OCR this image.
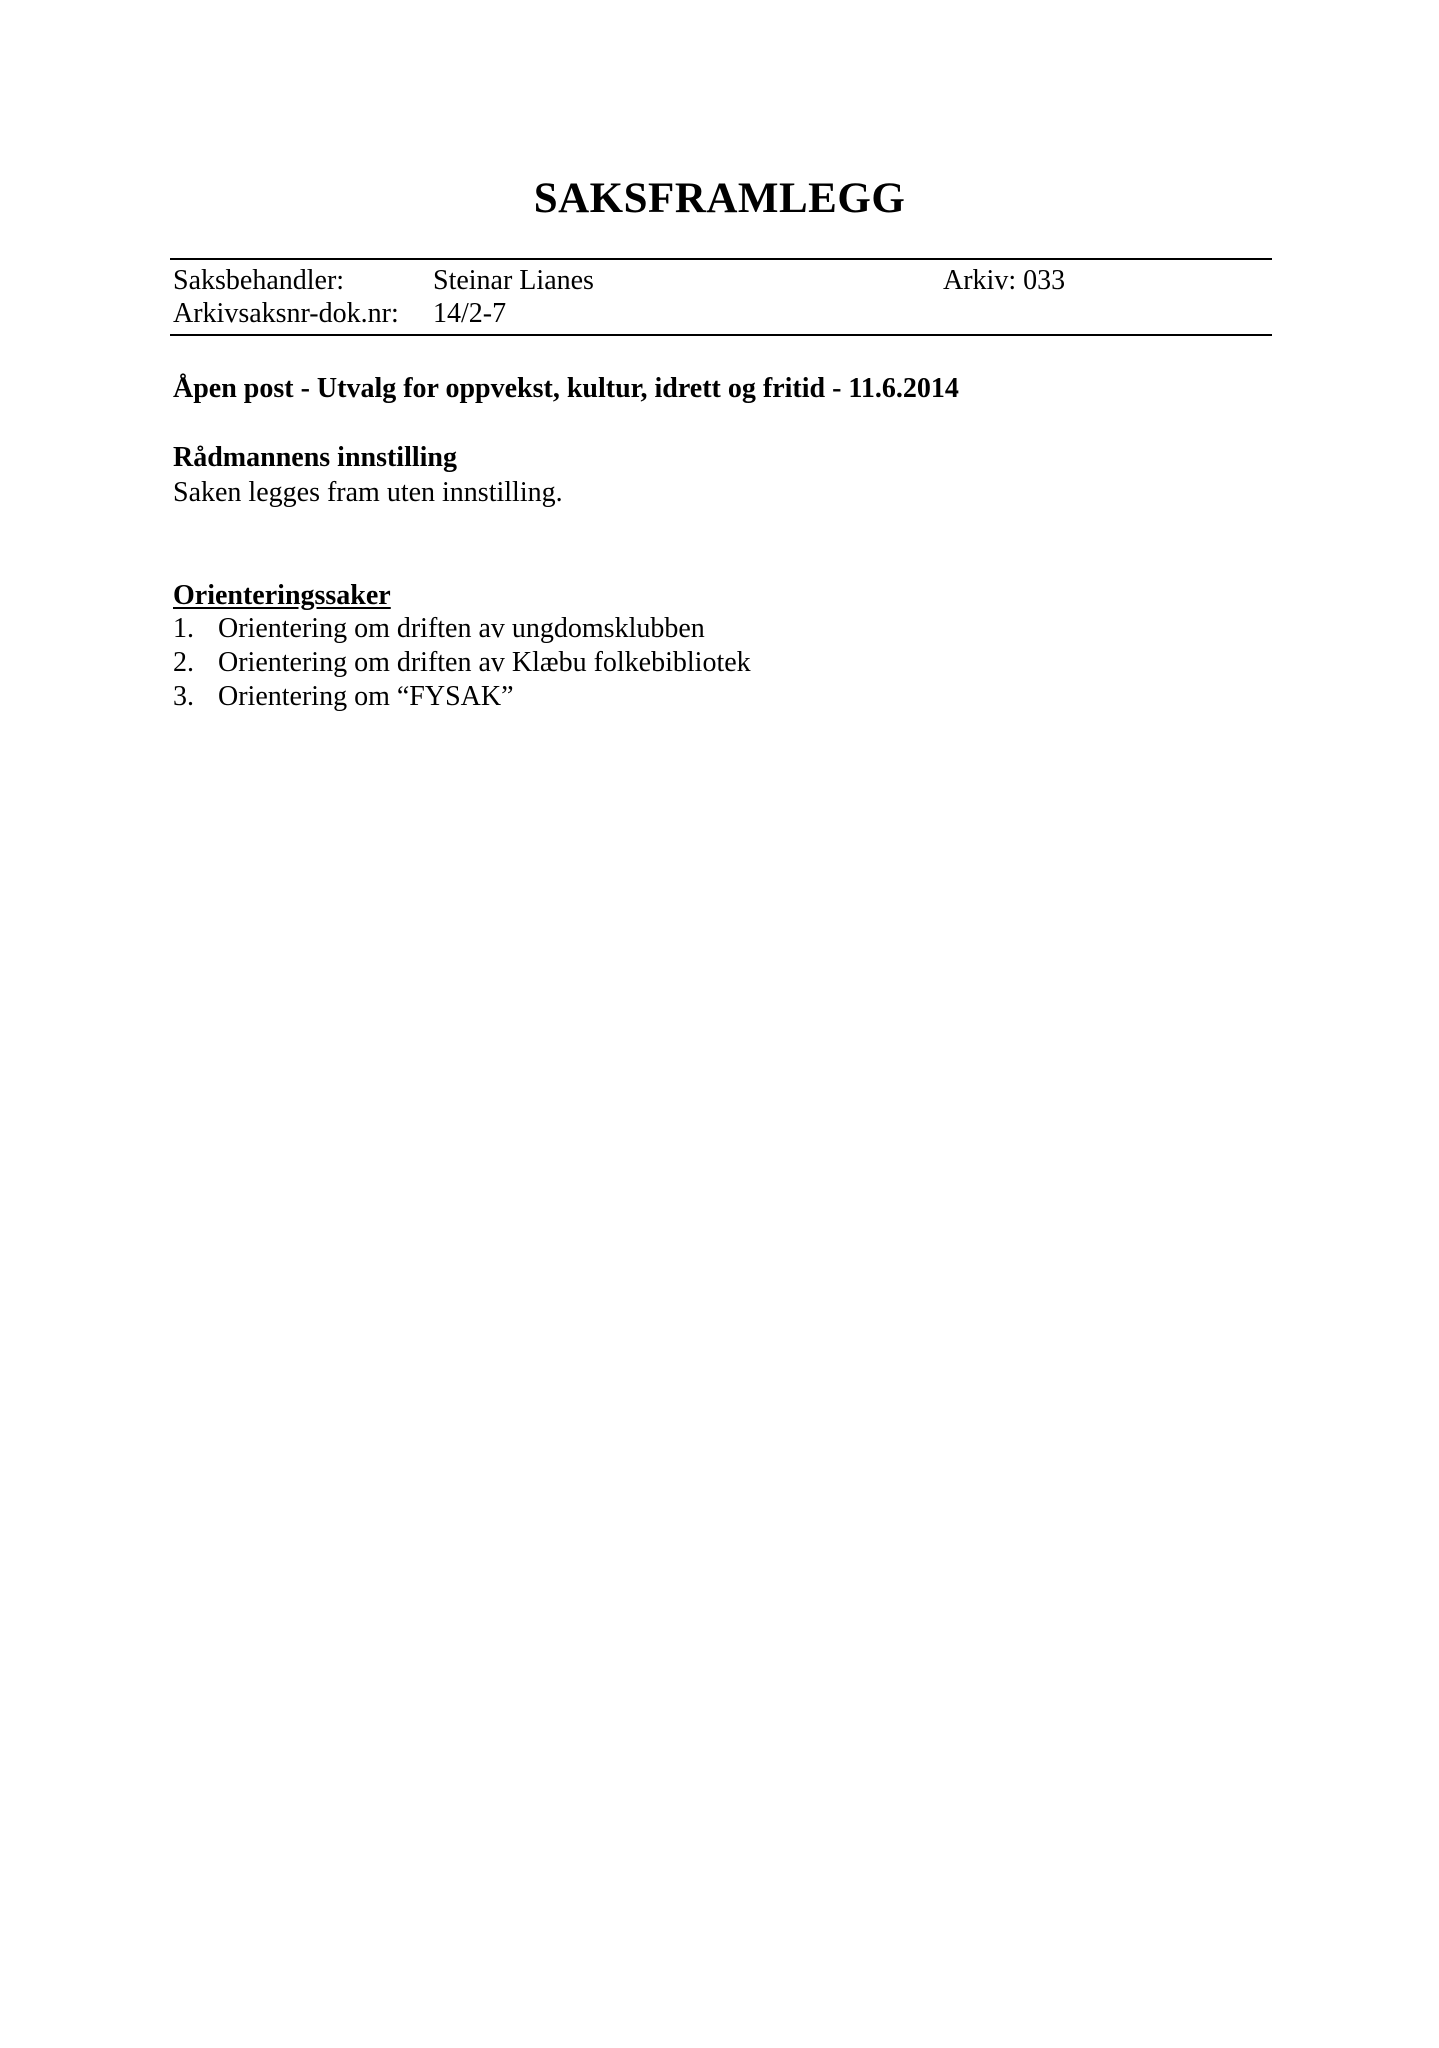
SAKSFRAMLEGG
Saksbehandler:	Steinar Lianes	Arkiv: 033
Arkivsaksnr-dok.nr: 14/2-7
Åpen post - Utvalg for oppvekst, kultur, idrett og fritid - 11.6.2014
Rådmannens innstilling
Saken legges fram uten innstilling.
Orienteringssaker
1. Orientering om driften av ungdomsklubben
2. Orientering om driften av Klæbu folkebibliotek
3. Orientering om “FYSAK”
